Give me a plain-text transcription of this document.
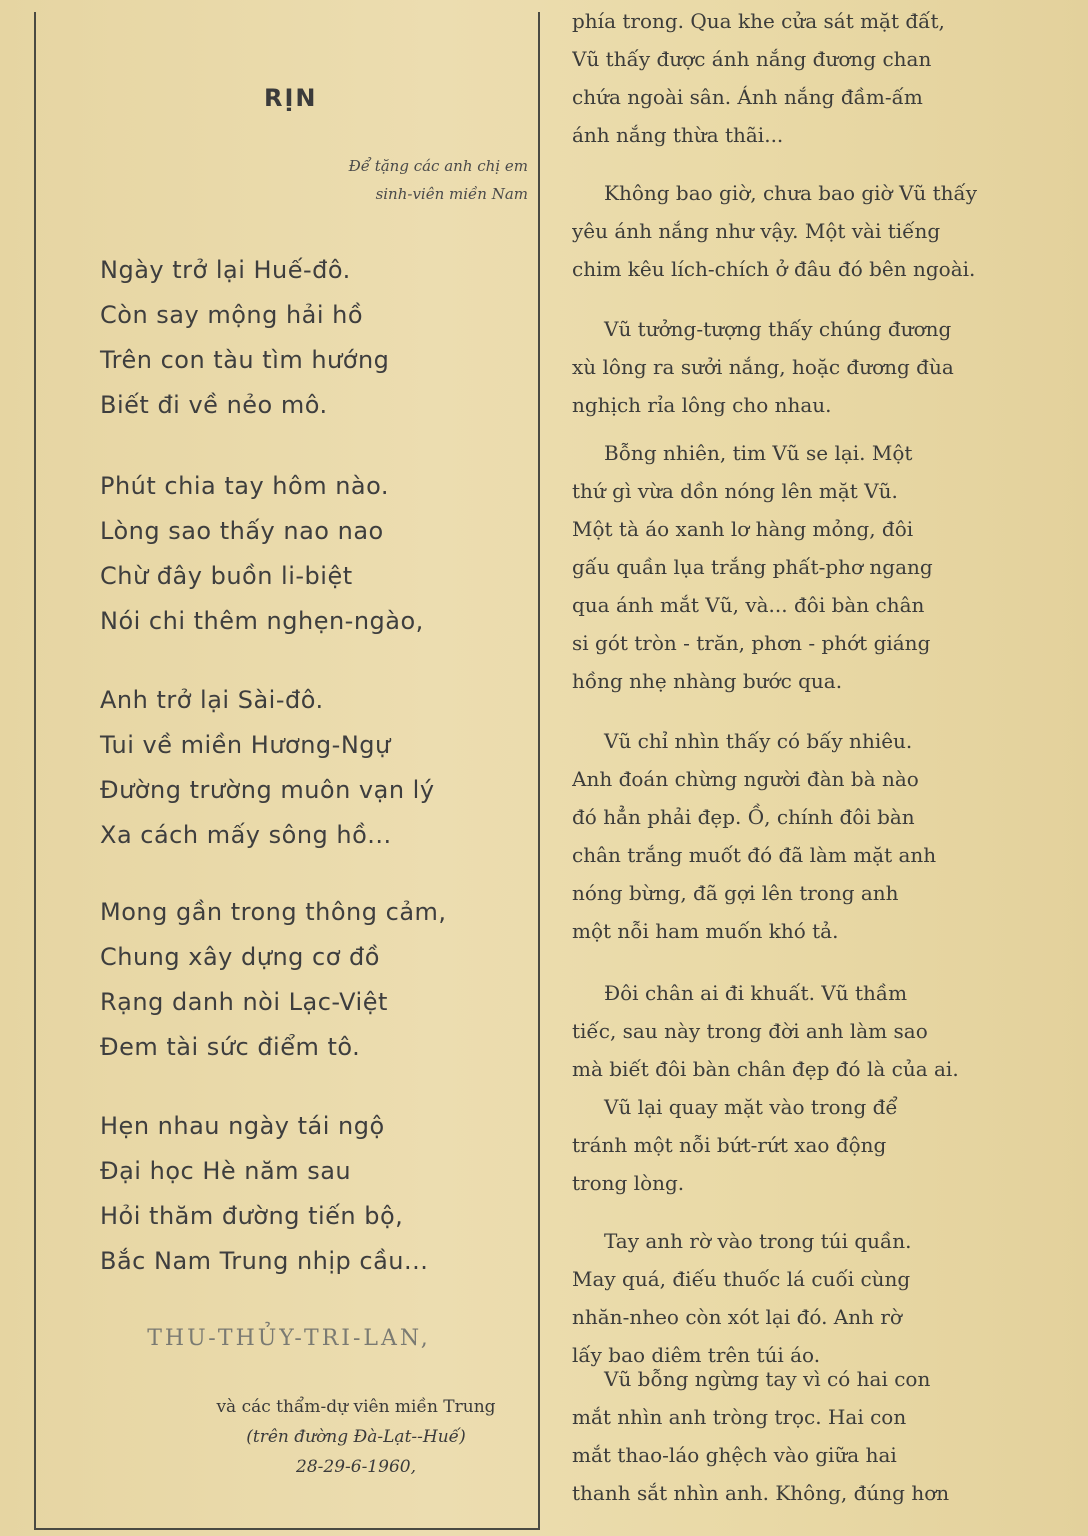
RỊN
Để tặng các anh chị em
sinh-viên miền Nam
Ngày trở lại Huế-đô.
Còn say mộng hải hồ
Trên con tàu tìm hướng
Biết đi về nẻo mô.
Phút chia tay hôm nào.
Lòng sao thấy nao nao
Chừ đây buồn li-biệt
Nói chi thêm nghẹn-ngào,
Anh trở lại Sài-đô.
Tui về miền Hương-Ngự
Đường trường muôn vạn lý
Xa cách mấy sông hồ...
Mong gần trong thông cảm,
Chung xây dựng cơ đồ
Rạng danh nòi Lạc-Việt
Đem tài sức điểm tô.
Hẹn nhau ngày tái ngộ
Đại học Hè năm sau
Hỏi thăm đường tiến bộ,
Bắc Nam Trung nhịp cầu...
THU-THỦY-TRI-LAN,
và các thẩm-dự viên miền Trung
(trên đường Đà-Lạt--Huế)
28-29-6-1960,
phía trong. Qua khe cửa sát mặt đất,
Vũ thấy được ánh nắng đương chan
chứa ngoài sân. Ánh nắng đầm-ấm
ánh nắng thừa thãi...
Không bao giờ, chưa bao giờ Vũ thấy
yêu ánh nắng như vậy. Một vài tiếng
chim kêu lích-chích ở đâu đó bên ngoài.
Vũ tưởng-tượng thấy chúng đương
xù lông ra sưởi nắng, hoặc đương đùa
nghịch rỉa lông cho nhau.
Bỗng nhiên, tim Vũ se lại. Một
thứ gì vừa dồn nóng lên mặt Vũ.
Một tà áo xanh lơ hàng mỏng, đôi
gấu quần lụa trắng phất-phơ ngang
qua ánh mắt Vũ, và... đôi bàn chân
si gót tròn - trăn, phơn - phớt giáng
hồng nhẹ nhàng bước qua.
Vũ chỉ nhìn thấy có bấy nhiêu.
Anh đoán chừng người đàn bà nào
đó hẳn phải đẹp. Ồ, chính đôi bàn
chân trắng muốt đó đã làm mặt anh
nóng bừng, đã gợi lên trong anh
một nỗi ham muốn khó tả.
Đôi chân ai đi khuất. Vũ thầm
tiếc, sau này trong đời anh làm sao
mà biết đôi bàn chân đẹp đó là của ai.
Vũ lại quay mặt vào trong để
tránh một nỗi bứt-rứt xao động
trong lòng.
Tay anh rờ vào trong túi quần.
May quá, điếu thuốc lá cuối cùng
nhăn-nheo còn xót lại đó. Anh rờ
lấy bao diêm trên túi áo.
Vũ bỗng ngừng tay vì có hai con
mắt nhìn anh tròng trọc. Hai con
mắt thao-láo ghệch vào giữa hai
thanh sắt nhìn anh. Không, đúng hơn
